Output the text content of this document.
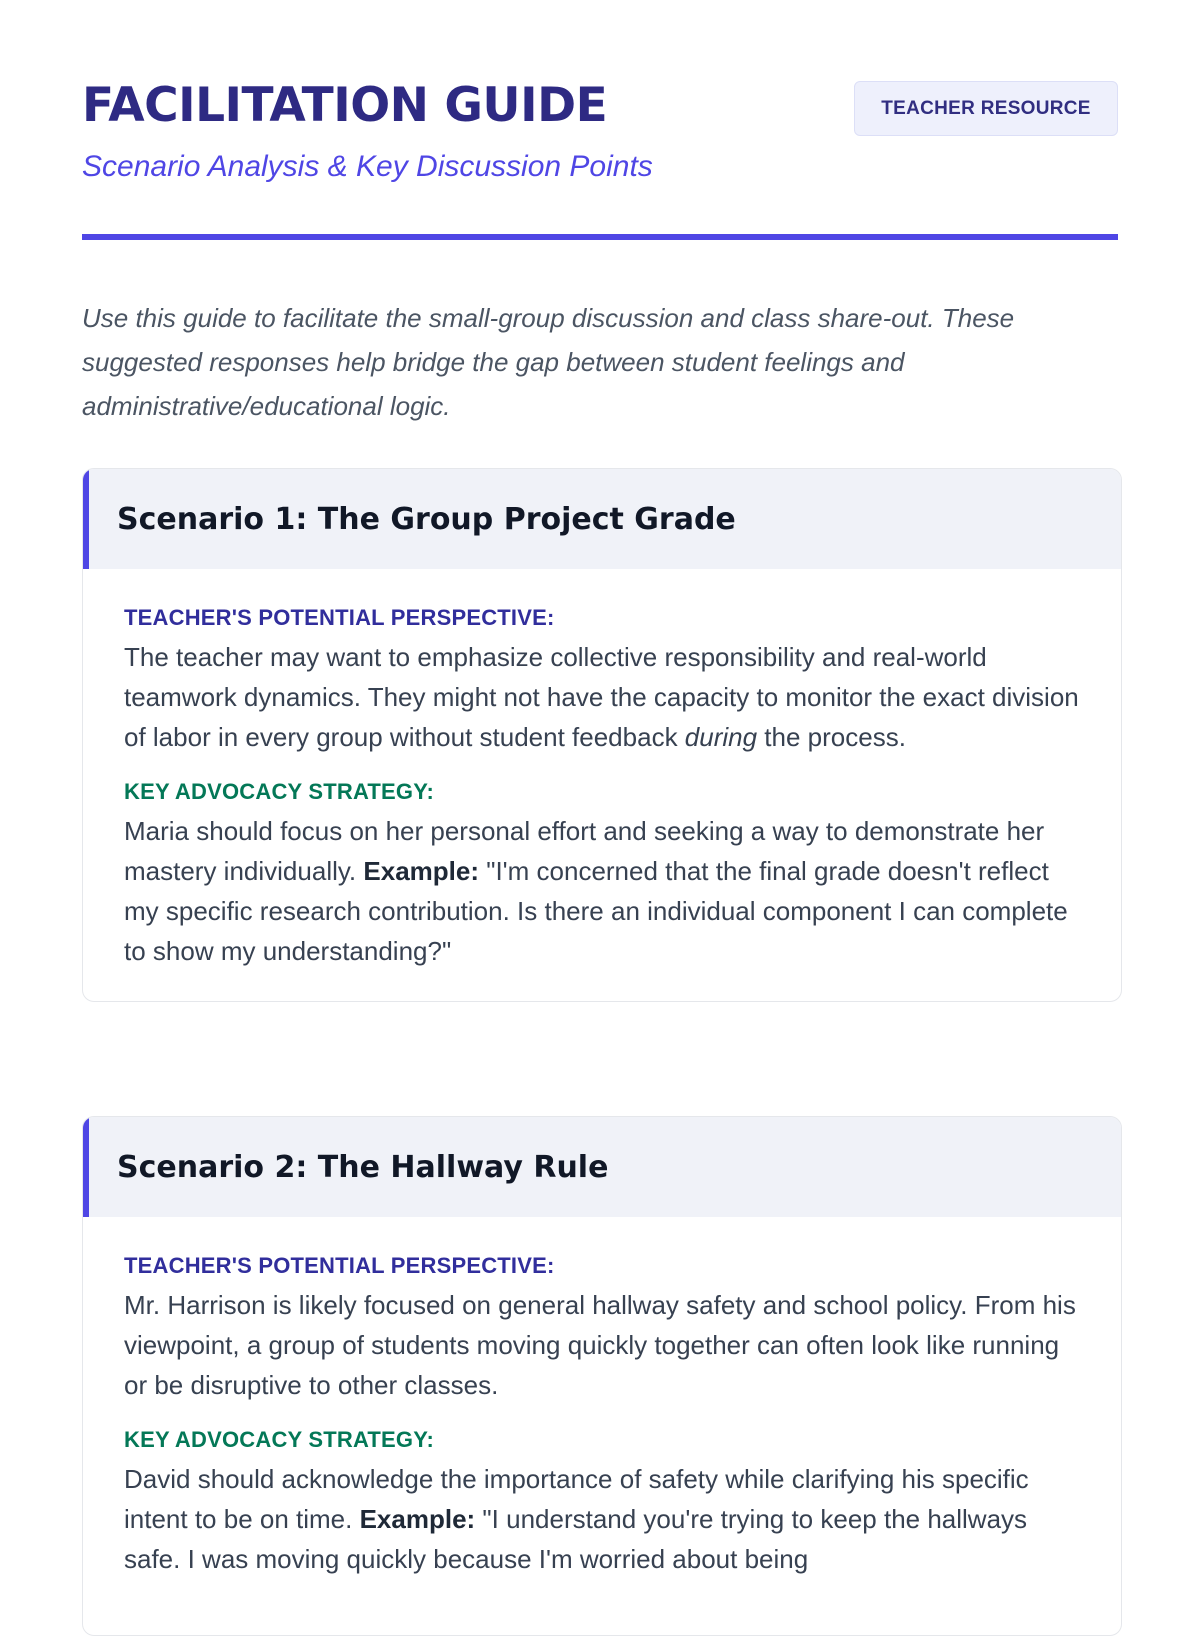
FACILITATION GUIDE

Scenario Analysis & Key Discussion Points

TEACHER RESOURCE

Use this guide to facilitate the small-group discussion and class share-out. These suggested responses help bridge the gap between student feelings and administrative/educational logic.

Scenario 1: The Group Project Grade
TEACHER'S POTENTIAL PERSPECTIVE:

The teacher may want to emphasize collective responsibility and real-world teamwork dynamics. They might not have the capacity to monitor the exact division of labor in every group without student feedback during the process.

KEY ADVOCACY STRATEGY:

Maria should focus on her personal effort and seeking a way to demonstrate her mastery individually. Example: "I'm concerned that the final grade doesn't reflect my specific research contribution. Is there an individual component I can complete to show my understanding?"

Scenario 2: The Hallway Rule
TEACHER'S POTENTIAL PERSPECTIVE:

Mr. Harrison is likely focused on general hallway safety and school policy. From his viewpoint, a group of students moving quickly together can often look like running or be disruptive to other classes.

KEY ADVOCACY STRATEGY:

David should acknowledge the importance of safety while clarifying his specific intent to be on time. Example: "I understand you're trying to keep the hallways safe. I was moving quickly because I'm worried about being
